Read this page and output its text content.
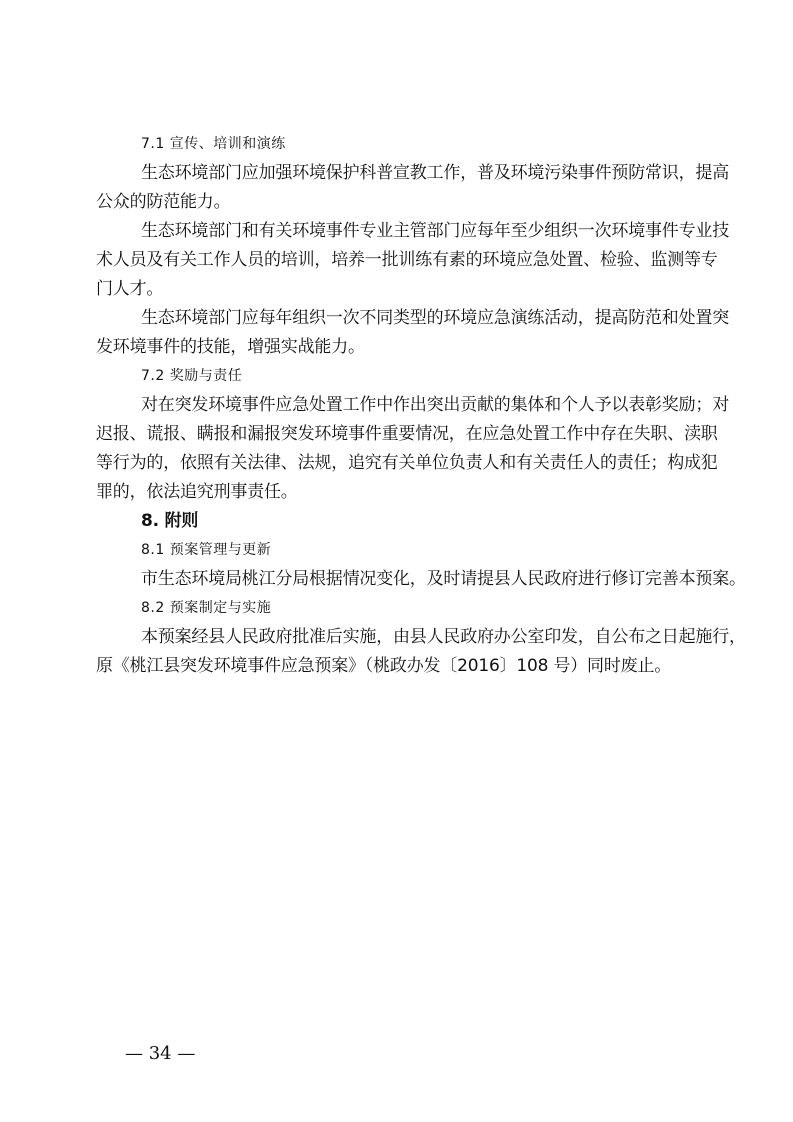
7.1 宣传、培训和演练
生态环境部门应加强环境保护科普宣教工作，普及环境污染事件预防常识，提高
公众的防范能力。
生态环境部门和有关环境事件专业主管部门应每年至少组织一次环境事件专业技
术人员及有关工作人员的培训，培养一批训练有素的环境应急处置、检验、监测等专
门人才。
生态环境部门应每年组织一次不同类型的环境应急演练活动，提高防范和处置突
发环境事件的技能，增强实战能力。
7.2 奖励与责任
对在突发环境事件应急处置工作中作出突出贡献的集体和个人予以表彰奖励；对
迟报、谎报、瞒报和漏报突发环境事件重要情况，在应急处置工作中存在失职、渎职
等行为的，依照有关法律、法规，追究有关单位负责人和有关责任人的责任；构成犯
罪的，依法追究刑事责任。
8. 附则
8.1 预案管理与更新
市生态环境局桃江分局根据情况变化，及时请提县人民政府进行修订完善本预案。
8.2 预案制定与实施
本预案经县人民政府批准后实施，由县人民政府办公室印发，自公布之日起施行，
原《桃江县突发环境事件应急预案》（桃政办发〔2016〕108 号）同时废止。
— 34 —
